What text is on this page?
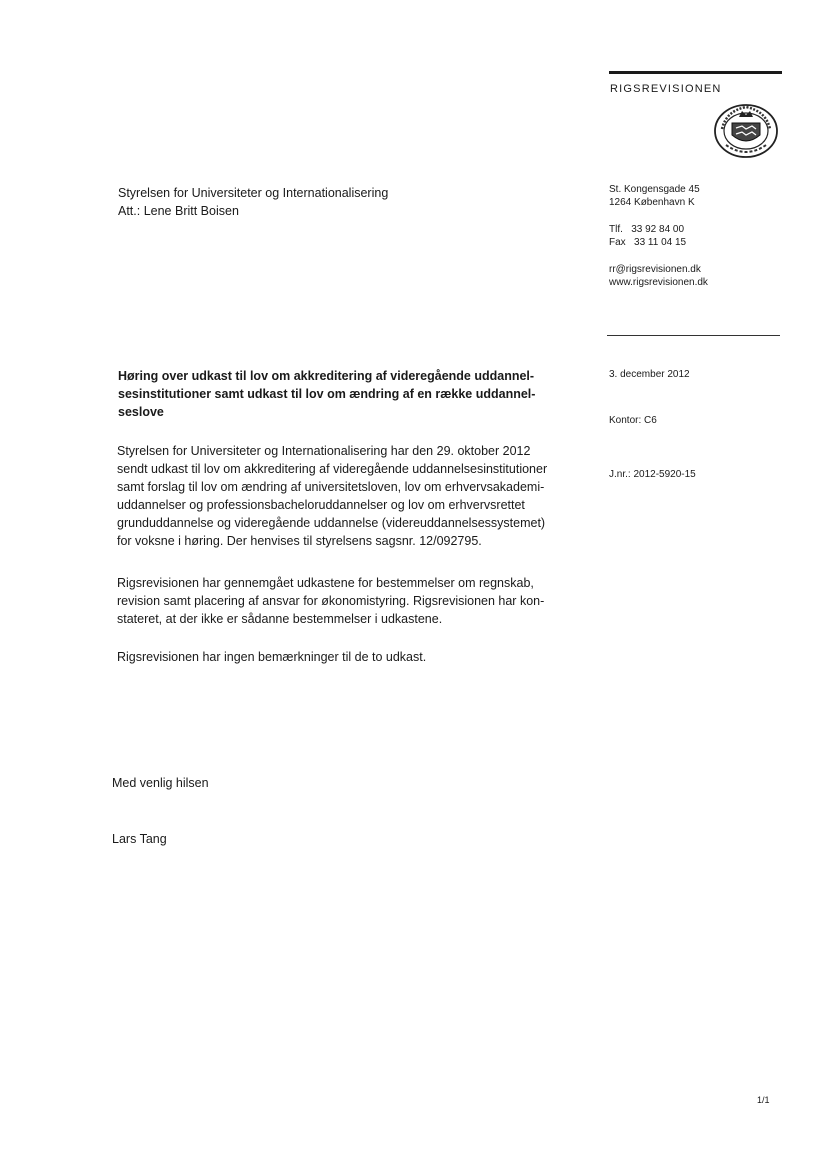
RIGSREVISIONEN
Styrelsen for Universiteter og Internationalisering
Att.: Lene Britt Boisen
St. Kongensgade 45
1264 København K
Tlf.   33 92 84 00
Fax   33 11 04 15
rr@rigsrevisionen.dk
www.rigsrevisionen.dk
3. december 2012
Kontor: C6
J.nr.: 2012-5920-15
Høring over udkast til lov om akkreditering af videregående uddannel-
sesinstitutioner samt udkast til lov om ændring af en række uddannel-
seslove
Styrelsen for Universiteter og Internationalisering har den 29. oktober 2012
sendt udkast til lov om akkreditering af videregående uddannelsesinstitutioner
samt forslag til lov om ændring af universitetsloven, lov om erhvervsakademi-
uddannelser og professionsbacheloruddannelser og lov om erhvervsrettet
grunduddannelse og videregående uddannelse (videreuddannelsessystemet)
for voksne i høring. Der henvises til styrelsens sagsnr. 12/092795.
Rigsrevisionen har gennemgået udkastene for bestemmelser om regnskab,
revision samt placering af ansvar for økonomistyring. Rigsrevisionen har kon-
stateret, at der ikke er sådanne bestemmelser i udkastene.
Rigsrevisionen har ingen bemærkninger til de to udkast.
Med venlig hilsen
Lars Tang
1/1
